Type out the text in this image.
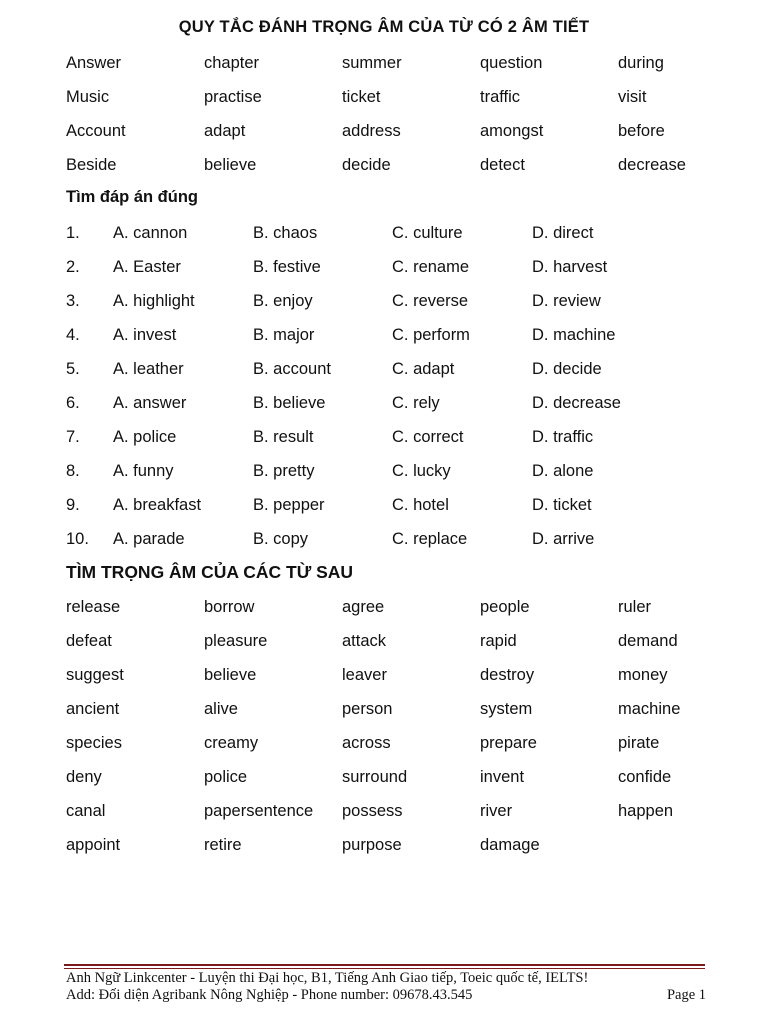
QUY TẮC ĐÁNH TRỌNG ÂM CỦA TỪ CÓ 2 ÂM TIẾT
Answer	chapter	summer	question	during
Music	practise	ticket	traffic	visit
Account	adapt	address	amongst	before
Beside	believe	decide	detect	decrease
Tìm đáp án đúng
1.	A. cannon	B. chaos	C. culture	D. direct
2.	A. Easter	B. festive	C. rename	D. harvest
3.	A. highlight	B. enjoy	C. reverse	D. review
4.	A. invest	B. major	C. perform	D. machine
5.	A. leather	B. account	C. adapt	D. decide
6.	A. answer	B. believe	C. rely	D. decrease
7.	A. police	B. result	C. correct	D. traffic
8.	A. funny	B. pretty	C. lucky	D. alone
9.	A. breakfast	B. pepper	C. hotel	D. ticket
10.	A. parade	B. copy	C. replace	D. arrive
TÌM TRỌNG ÂM CỦA CÁC TỪ SAU
release	borrow	agree	people	ruler
defeat	pleasure	attack	rapid	demand
suggest	believe	leaver	destroy	money
ancient	alive	person	system	machine
species	creamy	across	prepare	pirate
deny	police	surround	invent	confide
canal	papersentence	possess	river	happen
appoint	retire	purpose	damage
Anh Ngữ Linkcenter - Luyện thi Đại học, B1, Tiếng Anh Giao tiếp, Toeic quốc tế, IELTS!
Add: Đối diện Agribank Nông Nghiệp - Phone number: 09678.43.545	Page 1
